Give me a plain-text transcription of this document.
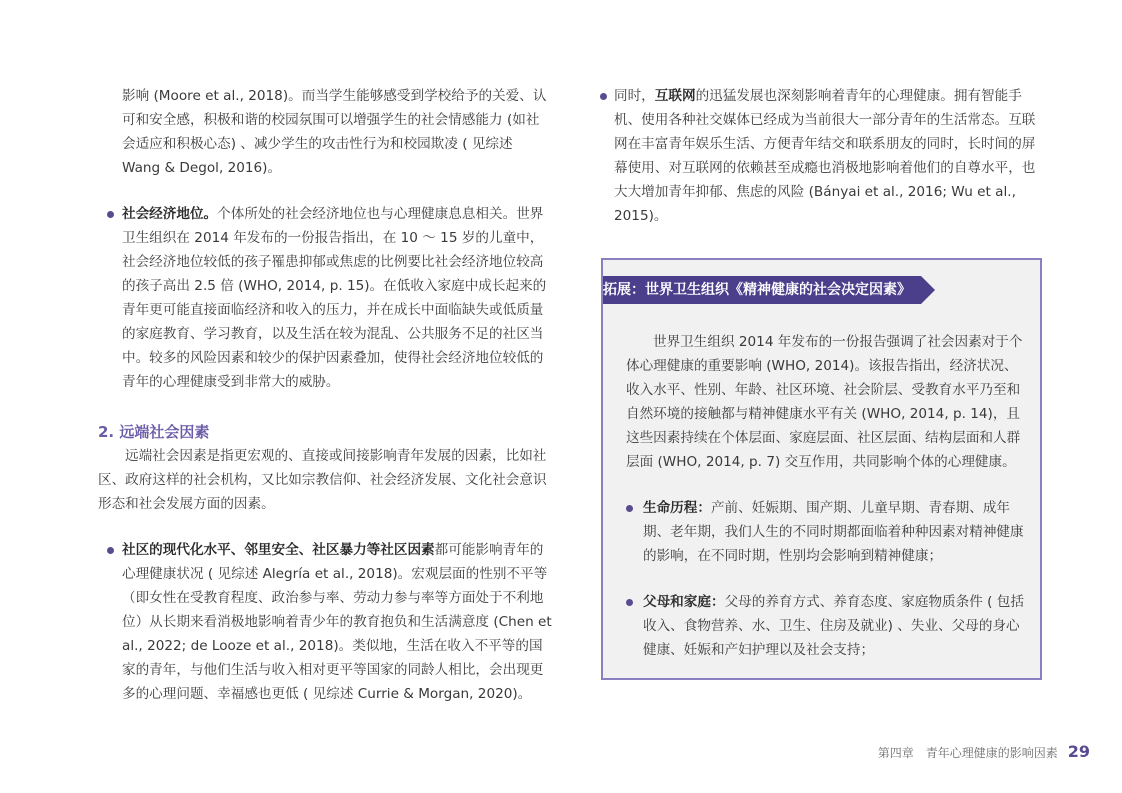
影响 (Moore et al., 2018)。而当学生能够感受到学校给予的关爱、认可和安全感，积极和谐的校园氛围可以增强学生的社会情感能力 (如社会适应和积极心态) 、减少学生的攻击性行为和校园欺凌 ( 见综述 Wang & Degol, 2016)。

社会经济地位。个体所处的社会经济地位也与心理健康息息相关。世界卫生组织在 2014 年发布的一份报告指出，在 10 ～ 15 岁的儿童中，社会经济地位较低的孩子罹患抑郁或焦虑的比例要比社会经济地位较高的孩子高出 2.5 倍 (WHO, 2014, p. 15)。在低收入家庭中成长起来的青年更可能直接面临经济和收入的压力，并在成长中面临缺失或低质量的家庭教育、学习教育，以及生活在较为混乱、公共服务不足的社区当中。较多的风险因素和较少的保护因素叠加，使得社会经济地位较低的青年的心理健康受到非常大的威胁。
2. 远端社会因素

远端社会因素是指更宏观的、直接或间接影响青年发展的因素，比如社区、政府这样的社会机构，又比如宗教信仰、社会经济发展、文化社会意识形态和社会发展方面的因素。

社区的现代化水平、邻里安全、社区暴力等社区因素都可能影响青年的心理健康状况 ( 见综述 Alegría et al., 2018)。宏观层面的性别不平等（即女性在受教育程度、政治参与率、劳动力参与率等方面处于不利地位）从长期来看消极地影响着青少年的教育抱负和生活满意度 (Chen et al., 2022; de Looze et al., 2018)。类似地，生活在收入不平等的国家的青年，与他们生活与收入相对更平等国家的同龄人相比，会出现更多的心理问题、幸福感也更低 ( 见综述 Currie & Morgan, 2020)。
同时，互联网的迅猛发展也深刻影响着青年的心理健康。拥有智能手机、使用各种社交媒体已经成为当前很大一部分青年的生活常态。互联网在丰富青年娱乐生活、方便青年结交和联系朋友的同时，长时间的屏幕使用、对互联网的依赖甚至成瘾也消极地影响着他们的自尊水平，也大大增加青年抑郁、焦虑的风险 (Bányai et al., 2016; Wu et al., 2015)。
拓展：世界卫生组织《精神健康的社会决定因素》

世界卫生组织 2014 年发布的一份报告强调了社会因素对于个体心理健康的重要影响 (WHO, 2014)。该报告指出，经济状况、收入水平、性别、年龄、社区环境、社会阶层、受教育水平乃至和自然环境的接触都与精神健康水平有关 (WHO, 2014, p. 14)，且这些因素持续在个体层面、家庭层面、社区层面、结构层面和人群层面 (WHO, 2014, p. 7) 交互作用，共同影响个体的心理健康。

生命历程：产前、妊娠期、围产期、儿童早期、青春期、成年期、老年期，我们人生的不同时期都面临着种种因素对精神健康的影响，在不同时期，性别均会影响到精神健康；
父母和家庭：父母的养育方式、养育态度、家庭物质条件 ( 包括收入、食物营养、水、卫生、住房及就业) 、失业、父母的身心健康、妊娠和产妇护理以及社会支持；
第四章　青年心理健康的影响因素 29
